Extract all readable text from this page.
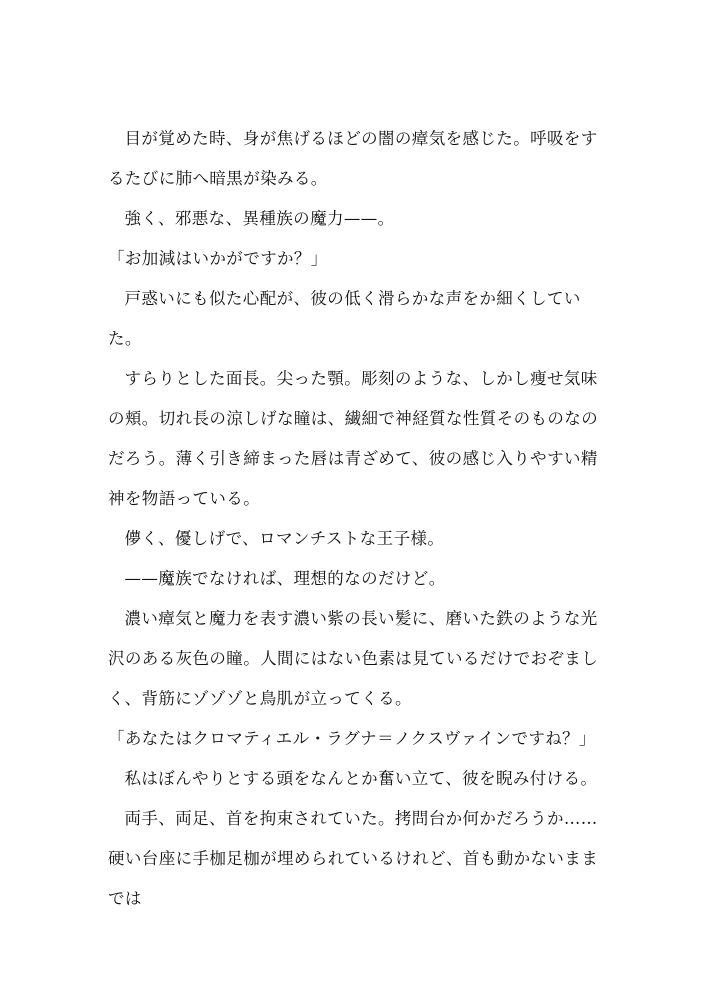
目が覚めた時、身が焦げるほどの闇の瘴気を感じた。呼吸をするたびに肺へ暗黒が染みる。

強く、邪悪な、異種族の魔力——。

「お加減はいかがですか？」

戸惑いにも似た心配が、彼の低く滑らかな声をか細くしていた。

すらりとした面長。尖った顎。彫刻のような、しかし痩せ気味の頬。切れ長の涼しげな瞳は、繊細で神経質な性質そのものなのだろう。薄く引き締まった唇は青ざめて、彼の感じ入りやすい精神を物語っている。

儚く、優しげで、ロマンチストな王子様。

——魔族でなければ、理想的なのだけど。

濃い瘴気と魔力を表す濃い紫の長い髪に、磨いた鉄のような光沢のある灰色の瞳。人間にはない色素は見ているだけでおぞましく、背筋にゾゾゾと鳥肌が立ってくる。

「あなたはクロマティエル・ラグナ＝ノクスヴァインですね？」

私はぼんやりとする頭をなんとか奮い立て、彼を睨み付ける。

両手、両足、首を拘束されていた。拷問台か何かだろうか……硬い台座に手枷足枷が埋められているけれど、首も動かないままでは
